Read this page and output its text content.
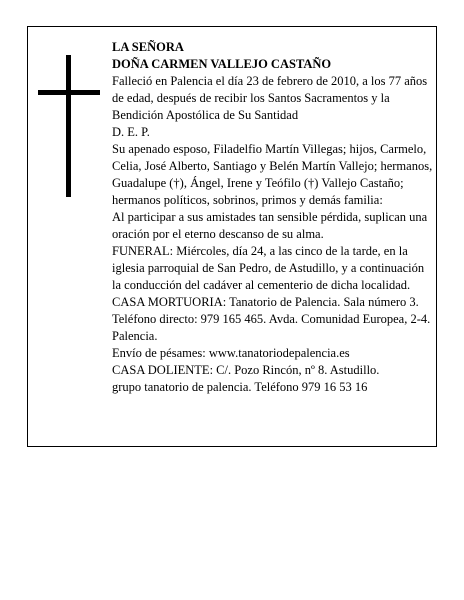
LA SEÑORA

DOÑA CARMEN VALLEJO CASTAÑO

Falleció en Palencia el día 23 de febrero de 2010, a los 77 años de edad, después de recibir los Santos Sacramentos y la Bendición Apostólica de Su Santidad

D. E. P.

Su apenado esposo, Filadelfio Martín Villegas; hijos, Carmelo, Celia, José Alberto, Santiago y Belén Martín Vallejo; hermanos, Guadalupe (†), Ángel, Irene y Teófilo (†) Vallejo Castaño; hermanos políticos, sobrinos, primos y demás familia:

Al participar a sus amistades tan sensible pérdida, suplican una oración por el eterno descanso de su alma.

FUNERAL: Miércoles, día 24, a las cinco de la tarde, en la iglesia parroquial de San Pedro, de Astudillo, y a continuación la conducción del cadáver al cementerio de dicha localidad.

CASA MORTUORIA: Tanatorio de Palencia. Sala número 3. Teléfono directo: 979 165 465. Avda. Comunidad Europea, 2-4. Palencia.

Envío de pésames: www.tanatoriodepalencia.es

CASA DOLIENTE: C/. Pozo Rincón, nº 8. Astudillo.

grupo tanatorio de palencia. Teléfono 979 16 53 16
